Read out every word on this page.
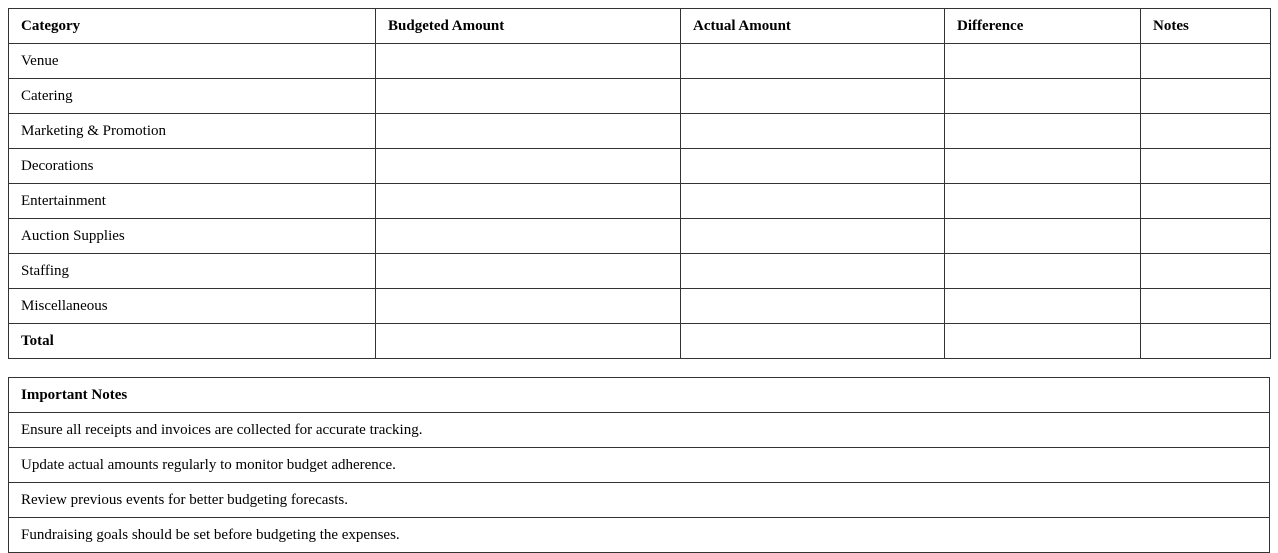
Category	Budgeted Amount	Actual Amount	Difference	Notes
Venue				
Catering				
Marketing & Promotion				
Decorations				
Entertainment				
Auction Supplies				
Staffing				
Miscellaneous				
Total				
Important Notes
Ensure all receipts and invoices are collected for accurate tracking.
Update actual amounts regularly to monitor budget adherence.
Review previous events for better budgeting forecasts.
Fundraising goals should be set before budgeting the expenses.
